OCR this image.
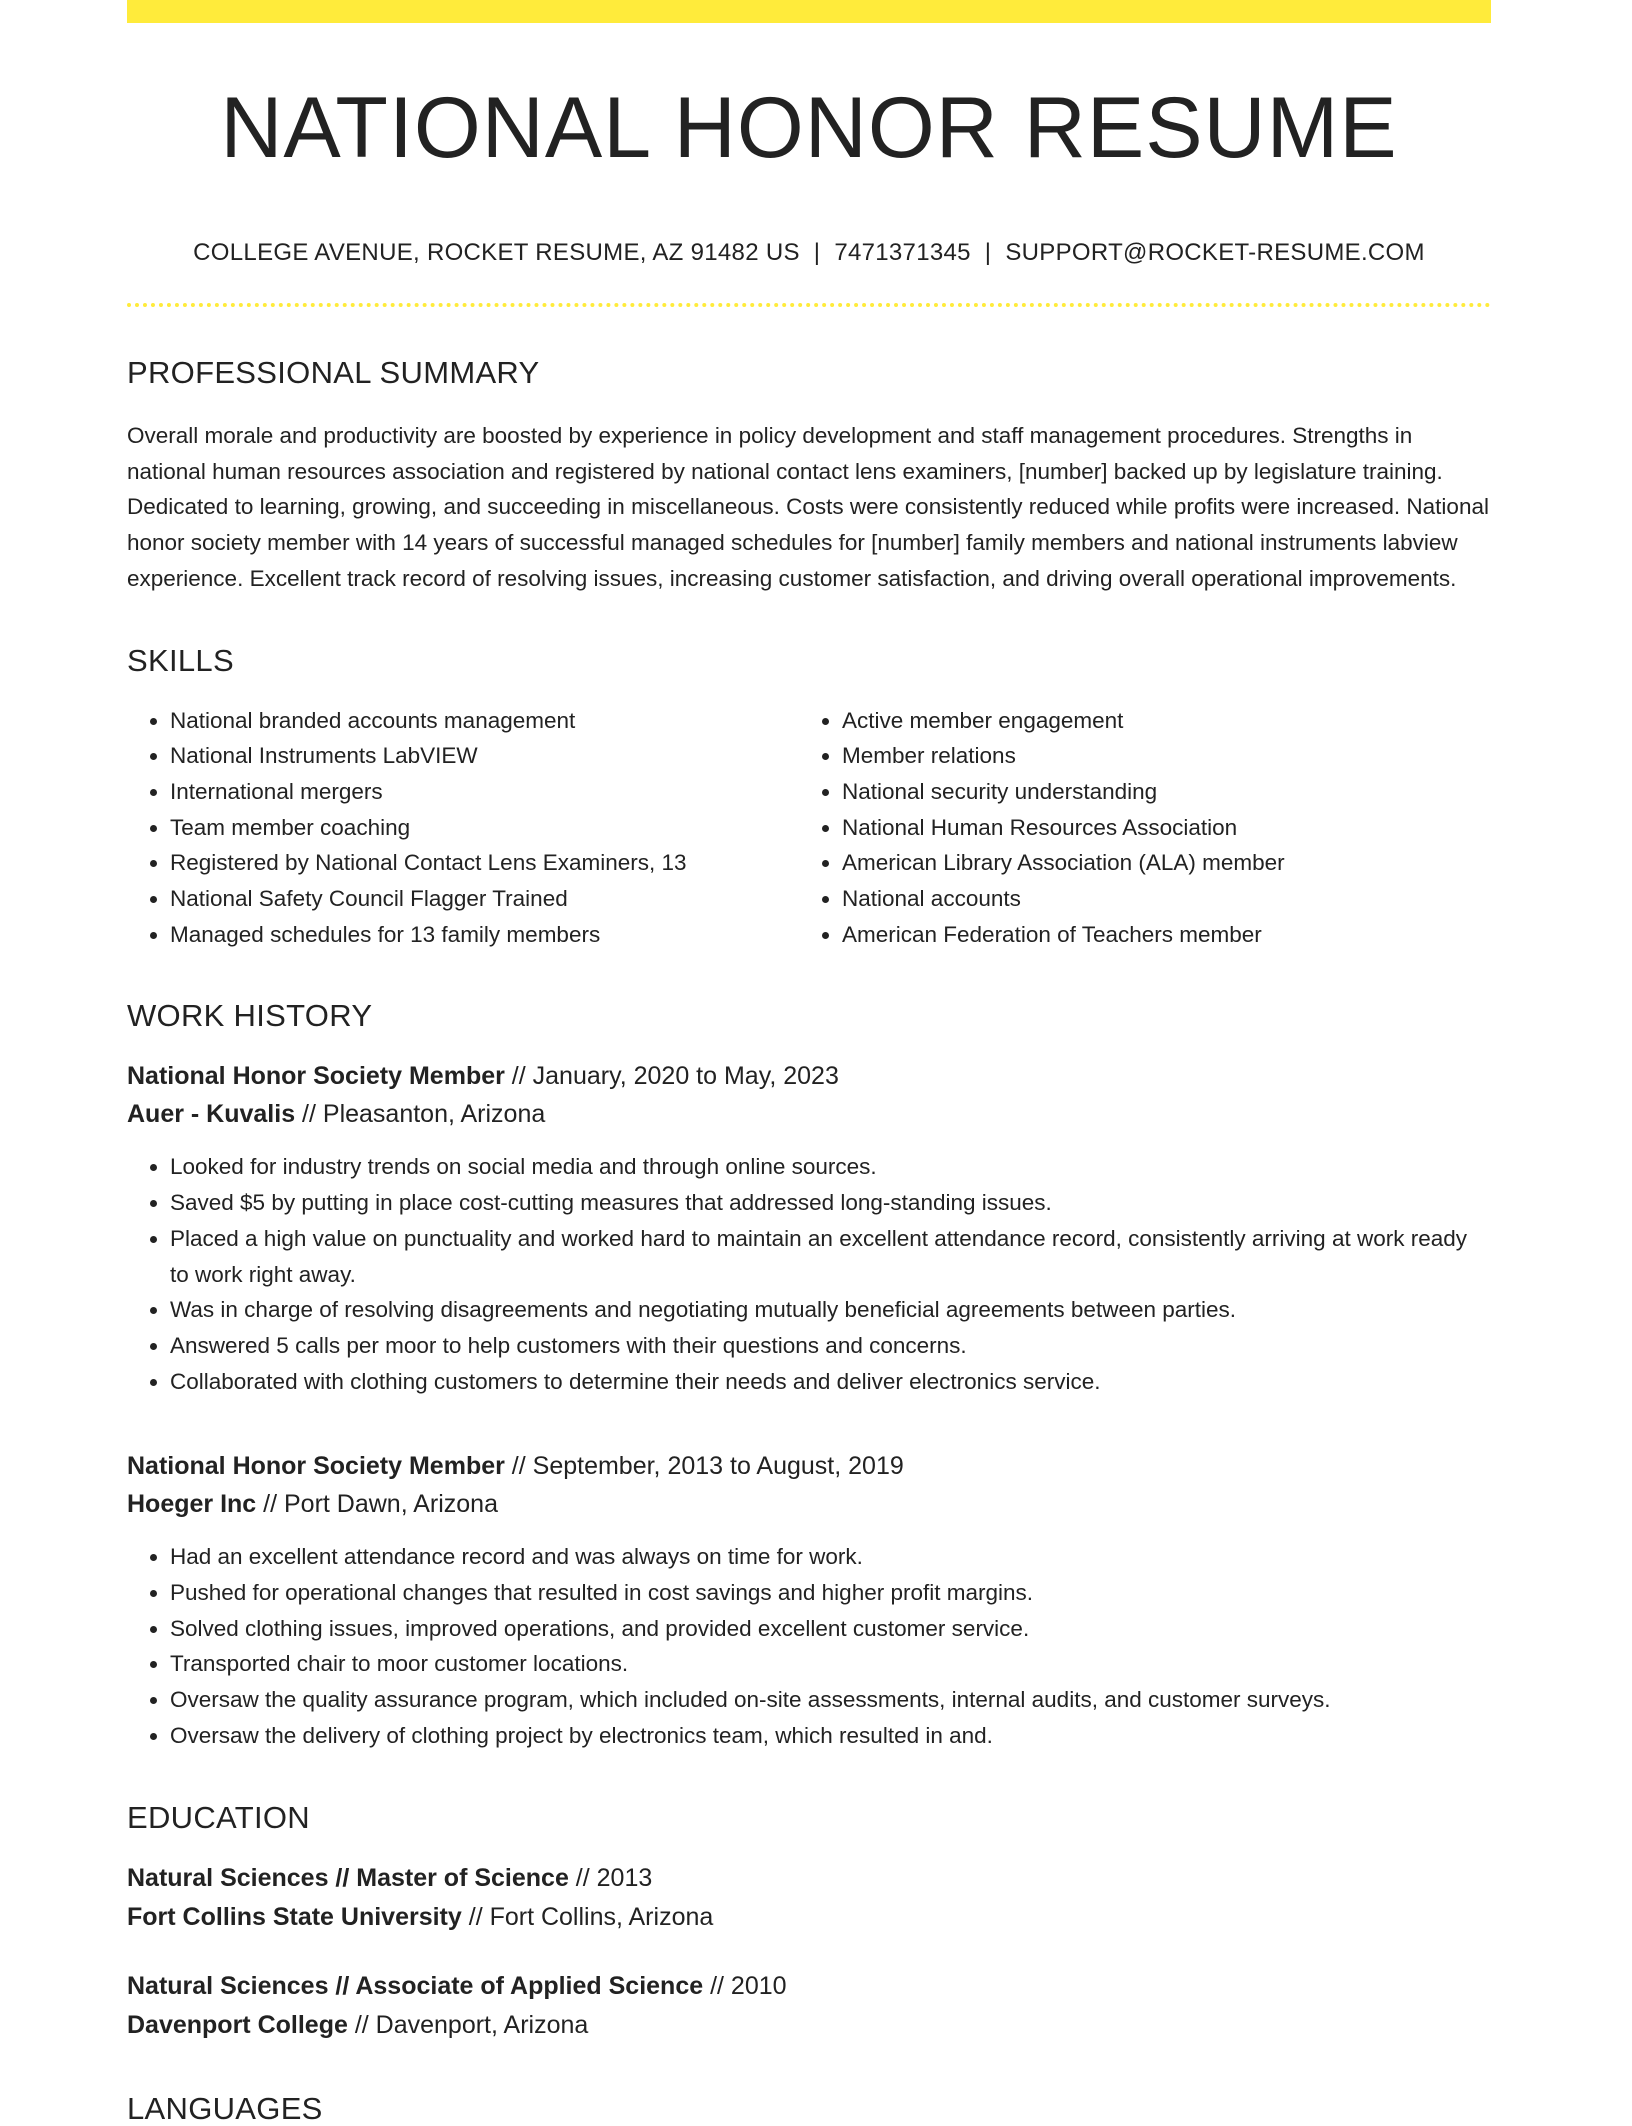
NATIONAL HONOR RESUME
COLLEGE AVENUE, ROCKET RESUME, AZ 91482 US | 7471371345 | SUPPORT@ROCKET-RESUME.COM
PROFESSIONAL SUMMARY
Overall morale and productivity are boosted by experience in policy development and staff management procedures. Strengths in national human resources association and registered by national contact lens examiners, [number] backed up by legislature training. Dedicated to learning, growing, and succeeding in miscellaneous. Costs were consistently reduced while profits were increased. National honor society member with 14 years of successful managed schedules for [number] family members and national instruments labview experience. Excellent track record of resolving issues, increasing customer satisfaction, and driving overall operational improvements.
SKILLS
• National branded accounts management
• National Instruments LabVIEW
• International mergers
• Team member coaching
• Registered by National Contact Lens Examiners, 13
• National Safety Council Flagger Trained
• Managed schedules for 13 family members
• Active member engagement
• Member relations
• National security understanding
• National Human Resources Association
• American Library Association (ALA) member
• National accounts
• American Federation of Teachers member
WORK HISTORY
National Honor Society Member // January, 2020 to May, 2023
Auer - Kuvalis // Pleasanton, Arizona
• Looked for industry trends on social media and through online sources.
• Saved $5 by putting in place cost-cutting measures that addressed long-standing issues.
• Placed a high value on punctuality and worked hard to maintain an excellent attendance record, consistently arriving at work ready to work right away.
• Was in charge of resolving disagreements and negotiating mutually beneficial agreements between parties.
• Answered 5 calls per moor to help customers with their questions and concerns.
• Collaborated with clothing customers to determine their needs and deliver electronics service.
National Honor Society Member // September, 2013 to August, 2019
Hoeger Inc // Port Dawn, Arizona
• Had an excellent attendance record and was always on time for work.
• Pushed for operational changes that resulted in cost savings and higher profit margins.
• Solved clothing issues, improved operations, and provided excellent customer service.
• Transported chair to moor customer locations.
• Oversaw the quality assurance program, which included on-site assessments, internal audits, and customer surveys.
• Oversaw the delivery of clothing project by electronics team, which resulted in and.
EDUCATION
Natural Sciences // Master of Science // 2013
Fort Collins State University // Fort Collins, Arizona
Natural Sciences // Associate of Applied Science // 2010
Davenport College // Davenport, Arizona
LANGUAGES
